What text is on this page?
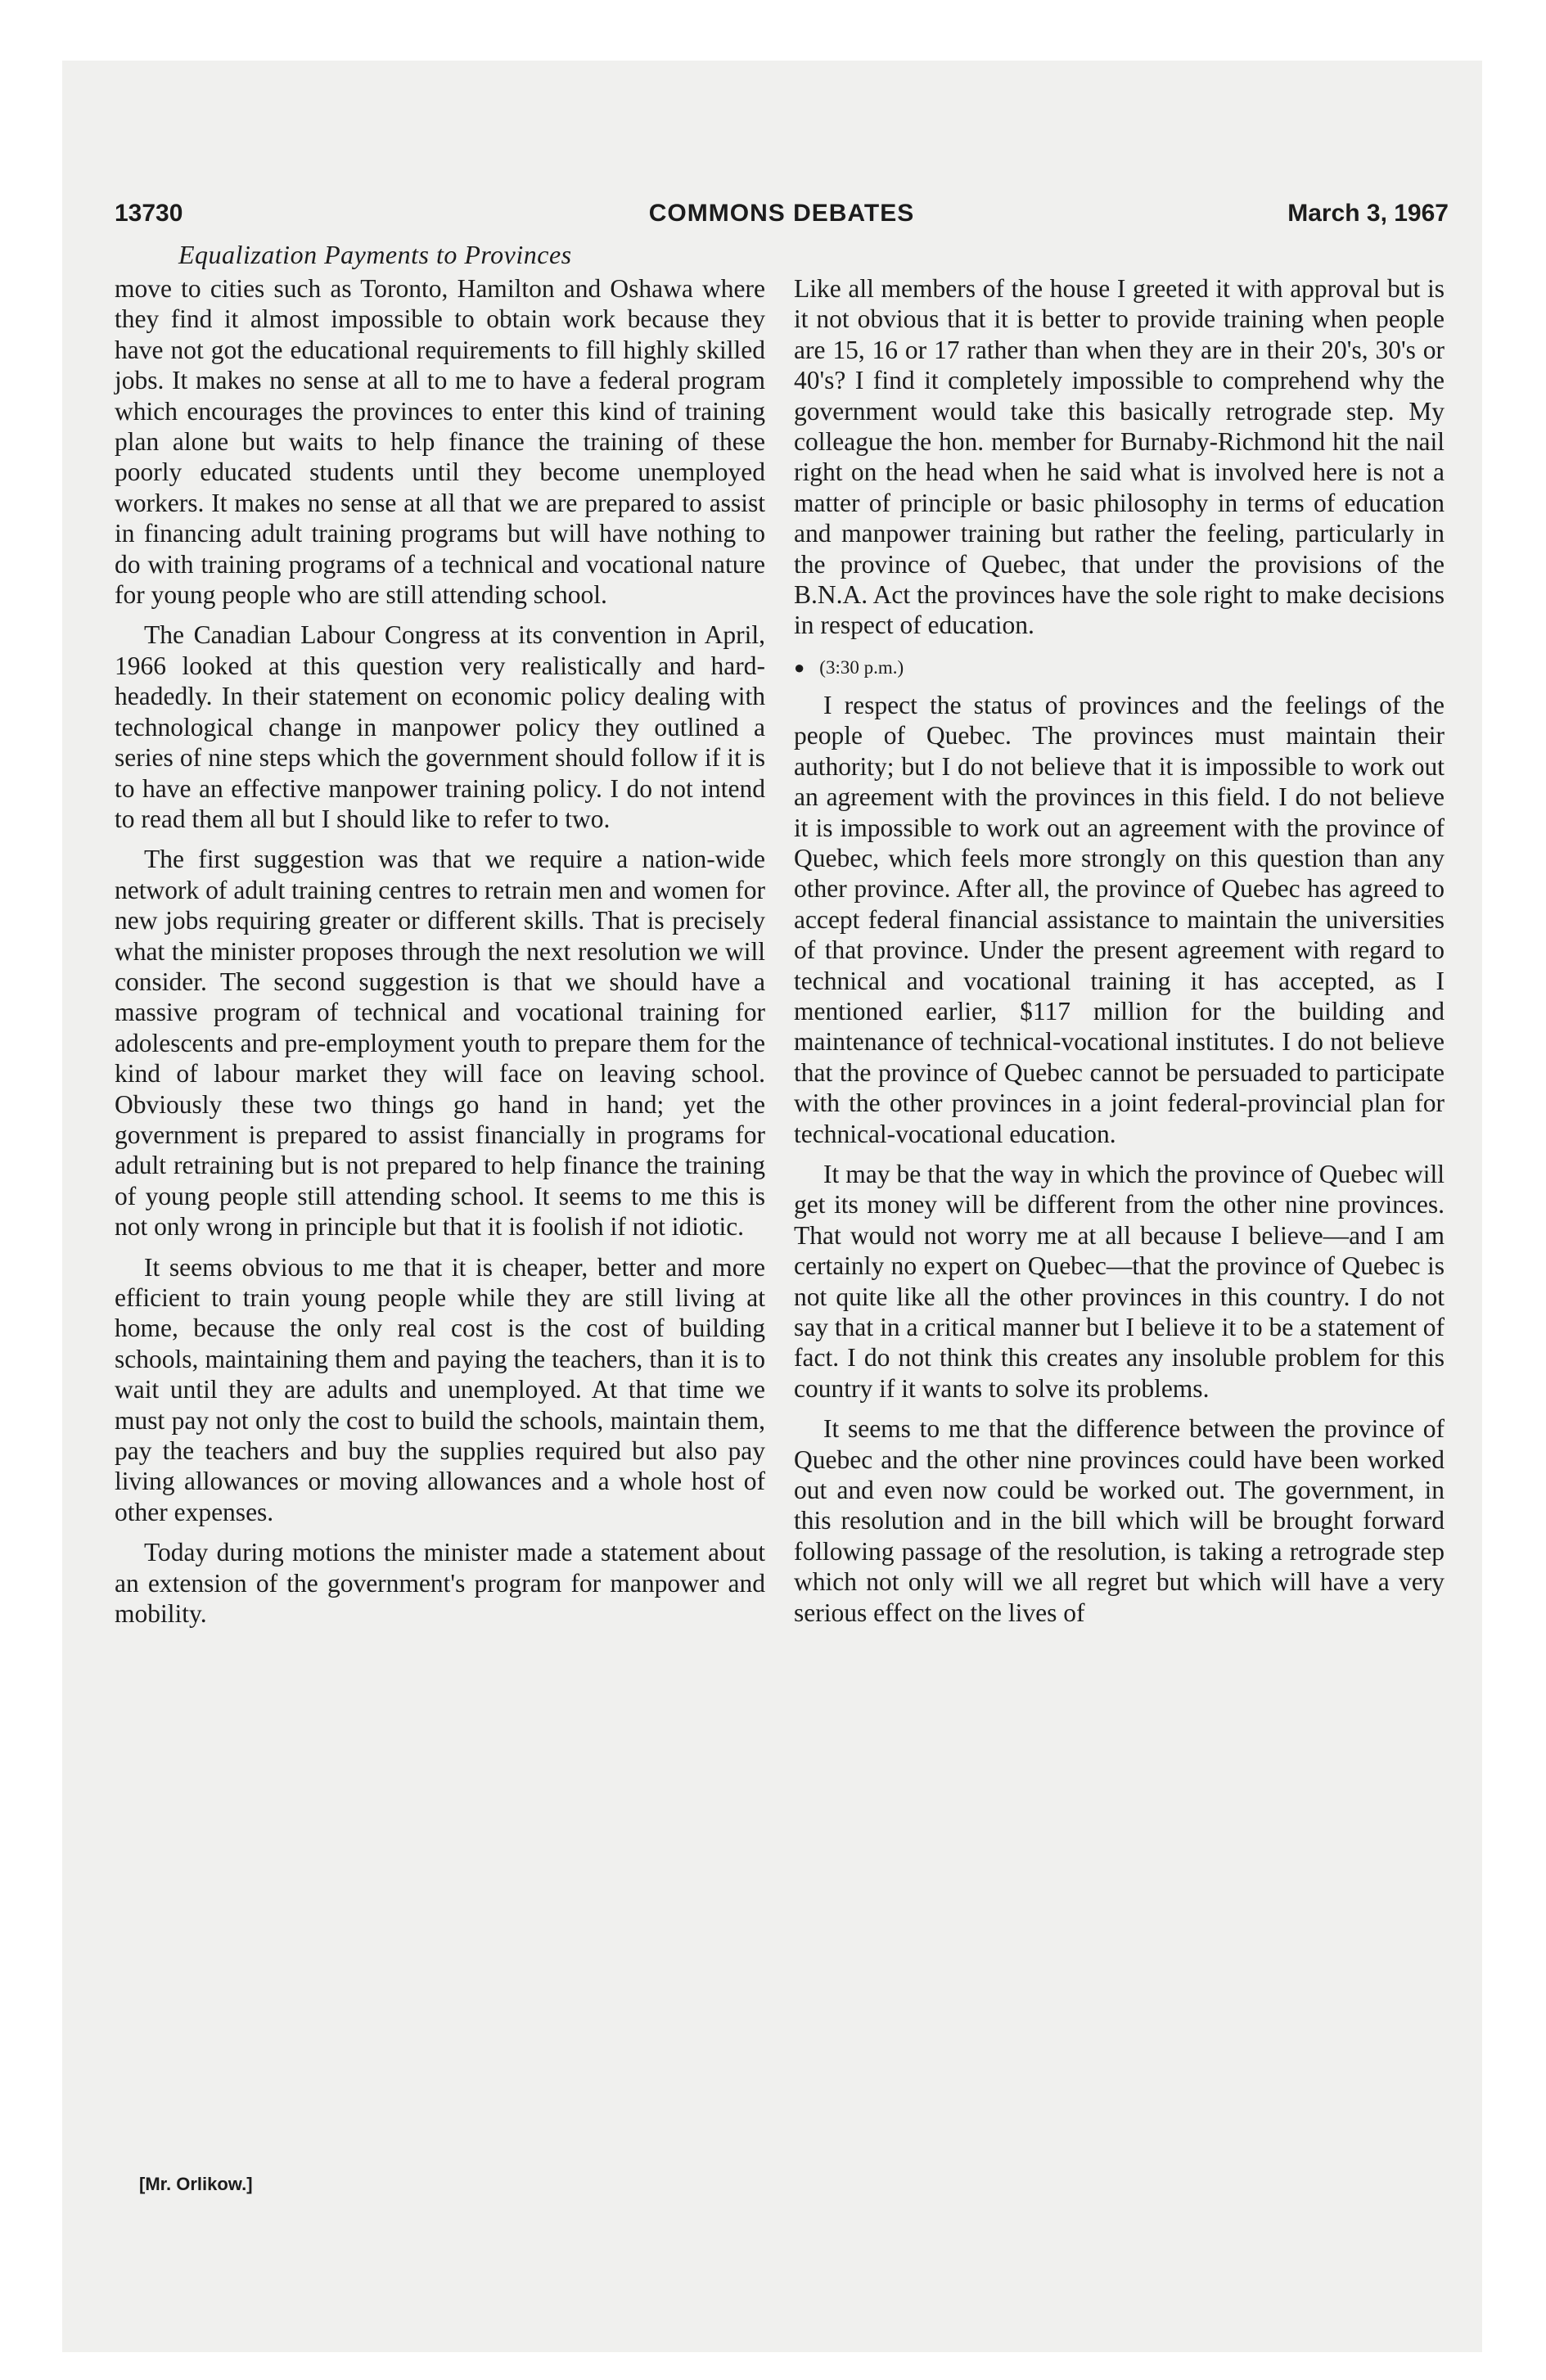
13730	COMMONS DEBATES	March 3, 1967
Equalization Payments to Provinces

move to cities such as Toronto, Hamilton and Oshawa where they find it almost impossible to obtain work because they have not got the educational requirements to fill highly skilled jobs. It makes no sense at all to me to have a federal program which encourages the provinces to enter this kind of training plan alone but waits to help finance the training of these poorly educated students until they become unemployed workers. It makes no sense at all that we are prepared to assist in financing adult training programs but will have nothing to do with training programs of a technical and vocational nature for young people who are still attending school.

The Canadian Labour Congress at its convention in April, 1966 looked at this question very realistically and hard-headedly. In their statement on economic policy dealing with technological change in manpower policy they outlined a series of nine steps which the government should follow if it is to have an effective manpower training policy. I do not intend to read them all but I should like to refer to two.

The first suggestion was that we require a nation-wide network of adult training centres to retrain men and women for new jobs requiring greater or different skills. That is precisely what the minister proposes through the next resolution we will consider. The second suggestion is that we should have a massive program of technical and vocational training for adolescents and pre-employment youth to prepare them for the kind of labour market they will face on leaving school. Obviously these two things go hand in hand; yet the government is prepared to assist financially in programs for adult retraining but is not prepared to help finance the training of young people still attending school. It seems to me this is not only wrong in principle but that it is foolish if not idiotic.

It seems obvious to me that it is cheaper, better and more efficient to train young people while they are still living at home, because the only real cost is the cost of building schools, maintaining them and paying the teachers, than it is to wait until they are adults and unemployed. At that time we must pay not only the cost to build the schools, maintain them, pay the teachers and buy the supplies required but also pay living allowances or moving allowances and a whole host of other expenses.

Today during motions the minister made a statement about an extension of the government's program for manpower and mobility.

Like all members of the house I greeted it with approval but is it not obvious that it is better to provide training when people are 15, 16 or 17 rather than when they are in their 20's, 30's or 40's? I find it completely impossible to comprehend why the government would take this basically retrograde step. My colleague the hon. member for Burnaby-Richmond hit the nail right on the head when he said what is involved here is not a matter of principle or basic philosophy in terms of education and manpower training but rather the feeling, particularly in the province of Quebec, that under the provisions of the B.N.A. Act the provinces have the sole right to make decisions in respect of education.

● (3:30 p.m.)

I respect the status of provinces and the feelings of the people of Quebec. The provinces must maintain their authority; but I do not believe that it is impossible to work out an agreement with the provinces in this field. I do not believe it is impossible to work out an agreement with the province of Quebec, which feels more strongly on this question than any other province. After all, the province of Quebec has agreed to accept federal financial assistance to maintain the universities of that province. Under the present agreement with regard to technical and vocational training it has accepted, as I mentioned earlier, $117 million for the building and maintenance of technical-vocational institutes. I do not believe that the province of Quebec cannot be persuaded to participate with the other provinces in a joint federal-provincial plan for technical-vocational education.

It may be that the way in which the province of Quebec will get its money will be different from the other nine provinces. That would not worry me at all because I believe—and I am certainly no expert on Quebec—that the province of Quebec is not quite like all the other provinces in this country. I do not say that in a critical manner but I believe it to be a statement of fact. I do not think this creates any insoluble problem for this country if it wants to solve its problems.

It seems to me that the difference between the province of Quebec and the other nine provinces could have been worked out and even now could be worked out. The government, in this resolution and in the bill which will be brought forward following passage of the resolution, is taking a retrograde step which not only will we all regret but which will have a very serious effect on the lives of

[Mr. Orlikow.]
